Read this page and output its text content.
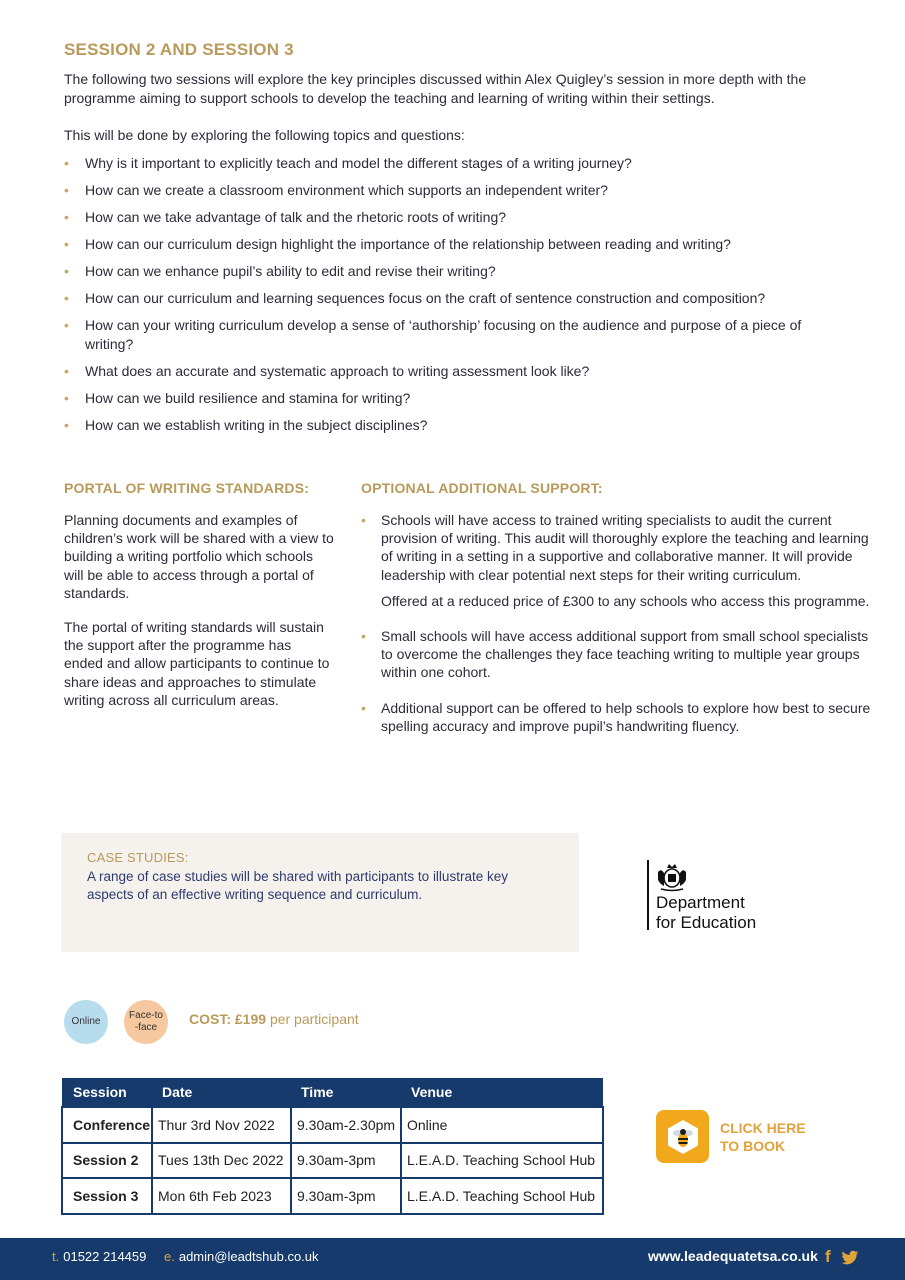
SESSION 2 AND SESSION 3

The following two sessions will explore the key principles discussed within Alex Quigley’s session in more depth with the programme aiming to support schools to develop the teaching and learning of writing within their settings.

This will be done by exploring the following topics and questions:

• Why is it important to explicitly teach and model the different stages of a writing journey?
• How can we create a classroom environment which supports an independent writer?
• How can we take advantage of talk and the rhetoric roots of writing?
• How can our curriculum design highlight the importance of the relationship between reading and writing?
• How can we enhance pupil’s ability to edit and revise their writing?
• How can our curriculum and learning sequences focus on the craft of sentence construction and composition?
• How can your writing curriculum develop a sense of ‘authorship’ focusing on the audience and purpose of a piece of writing?
• What does an accurate and systematic approach to writing assessment look like?
• How can we build resilience and stamina for writing?
• How can we establish writing in the subject disciplines?
PORTAL OF WRITING STANDARDS:

Planning documents and examples of children’s work will be shared with a view to building a writing portfolio which schools will be able to access through a portal of standards.

The portal of writing standards will sustain the support after the programme has ended and allow participants to continue to share ideas and approaches to stimulate writing across all curriculum areas.

OPTIONAL ADDITIONAL SUPPORT:
• Schools will have access to trained writing specialists to audit the current provision of writing. This audit will thoroughly explore the teaching and learning of writing in a setting in a supportive and collaborative manner. It will provide leadership with clear potential next steps for their writing curriculum.
Offered at a reduced price of £300 to any schools who access this programme.
• Small schools will have access additional support from small school specialists to overcome the challenges they face teaching writing to multiple year groups within one cohort.
• Additional support can be offered to help schools to explore how best to secure spelling accuracy and improve pupil’s handwriting fluency.
CASE STUDIES:
A range of case studies will be shared with participants to illustrate key aspects of an effective writing sequence and curriculum.	Department
for Education
Online
Face-to -face
COST: £199 per participant
Session	Date	Time	Venue
Conference	Thur 3rd Nov 2022	9.30am-2.30pm	Online
Session 2	Tues 13th Dec 2022	9.30am-3pm	L.E.A.D. Teaching School Hub
Session 3	Mon 6th Feb 2023	9.30am-3pm	L.E.A.D. Teaching School Hub
CLICK HERE
TO BOOK
t. 01522 214459 e. admin@leadtshub.co.uk	www.leadequatetsa.co.uk f
